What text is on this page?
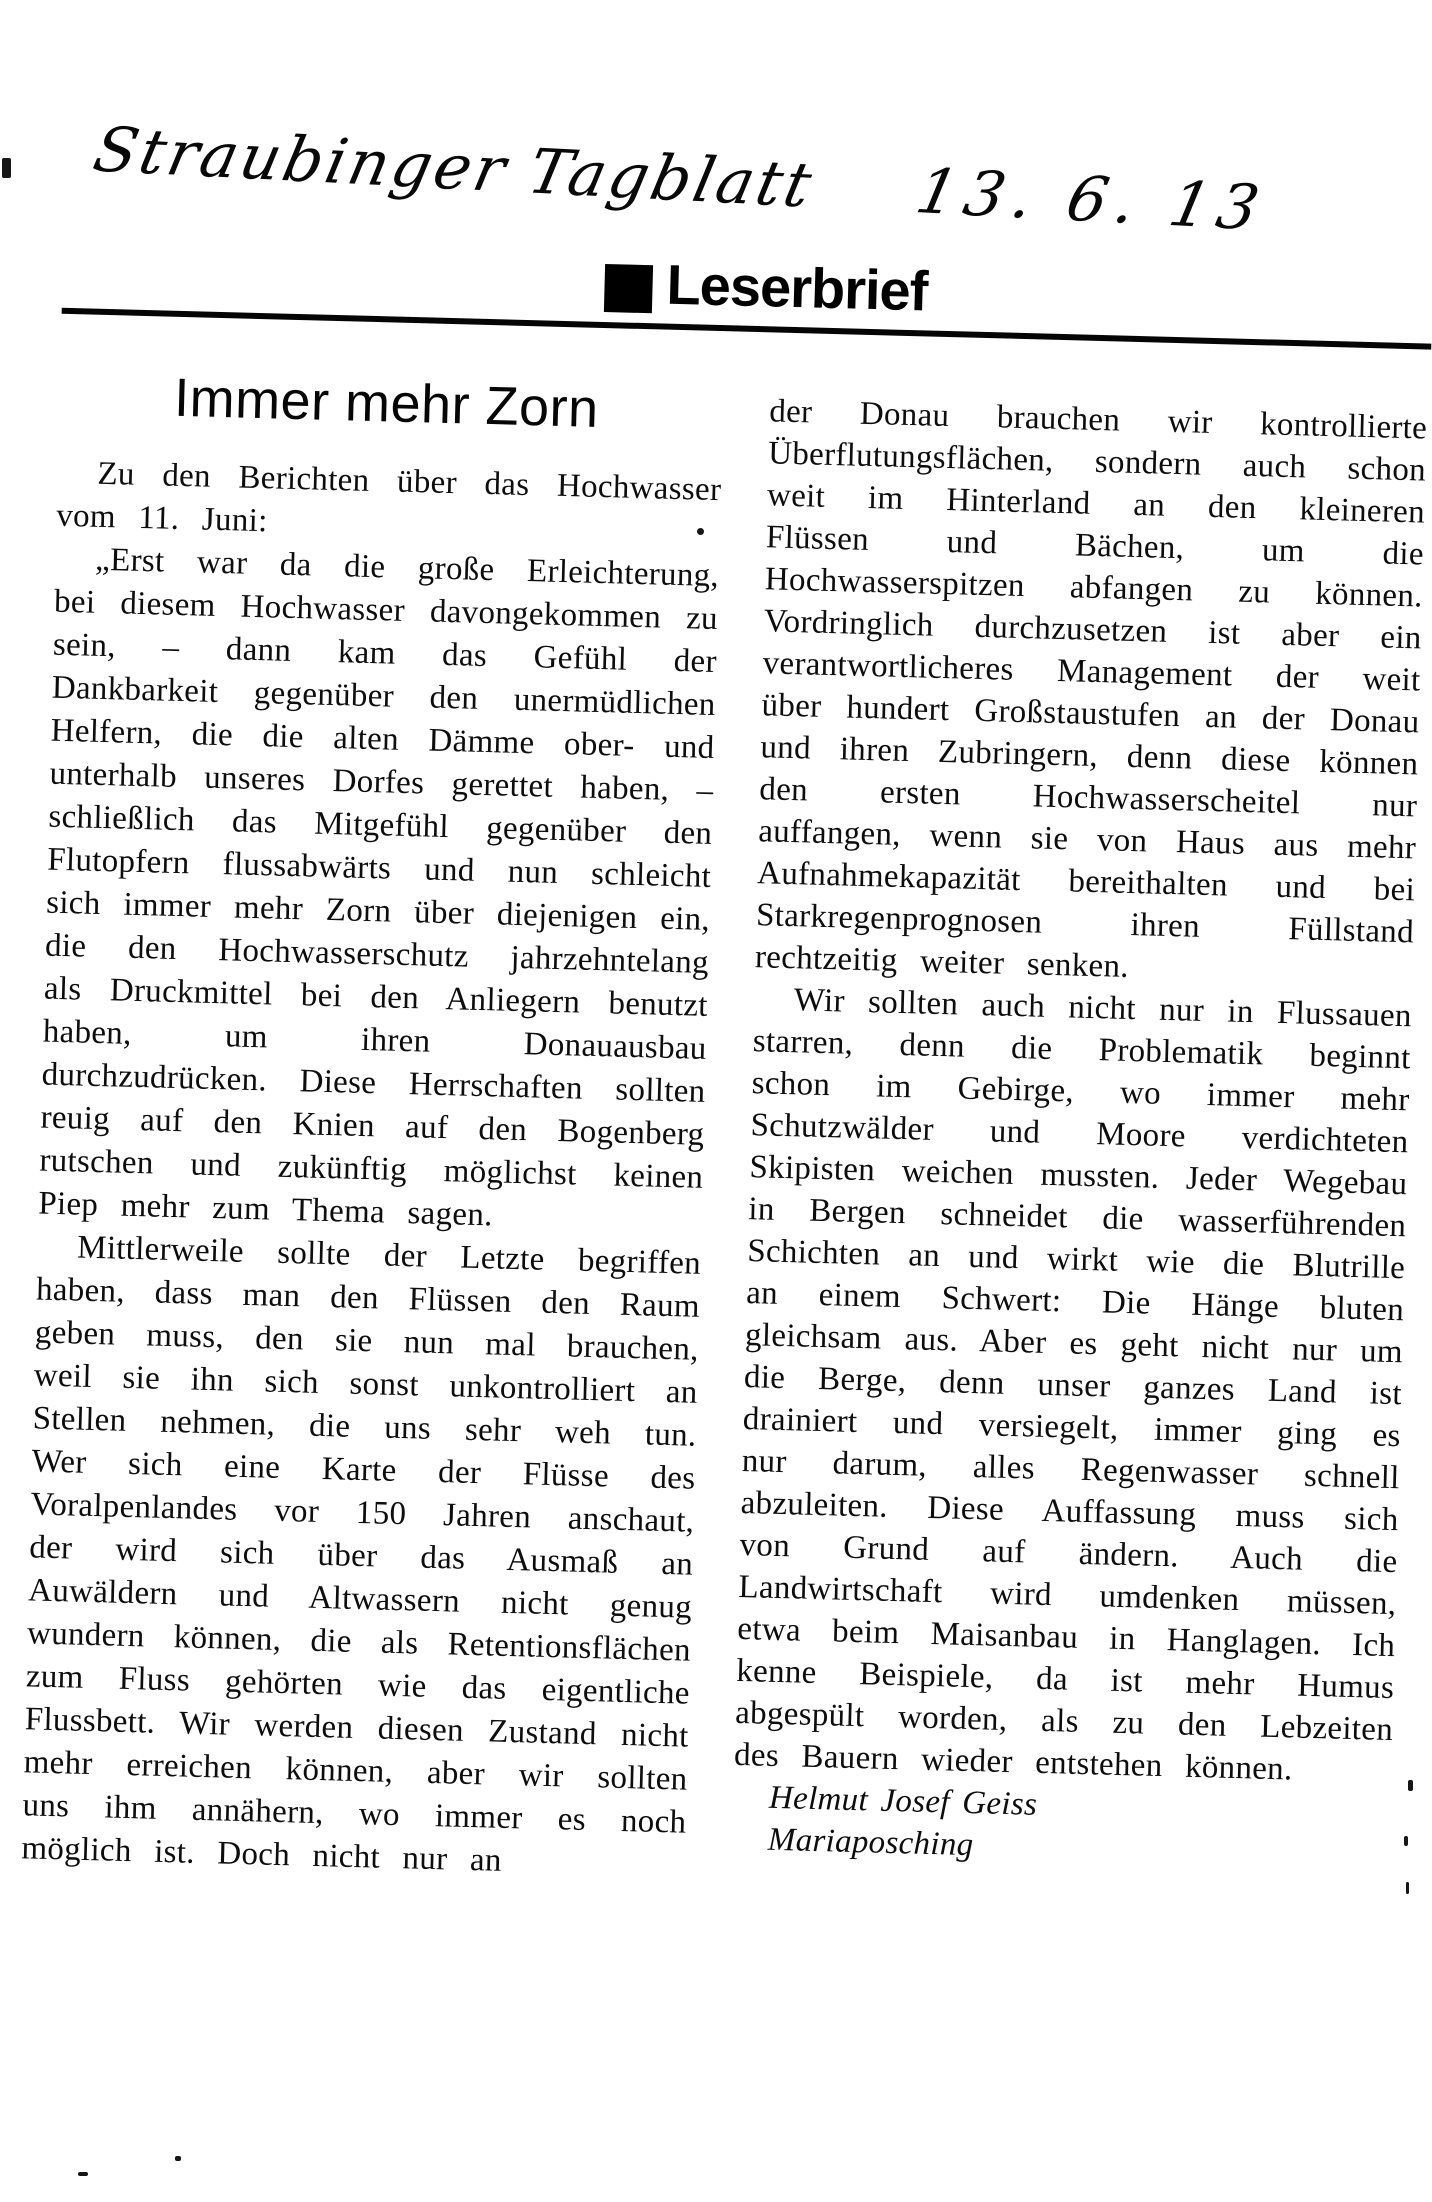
Straubinger Tagblatt 13. 6. 13
Leserbrief
Immer mehr Zorn

Zu den Berichten über das Hochwasser vom 11. Juni:

„Erst war da die große Erleichterung, bei diesem Hochwasser davongekommen zu sein, – dann kam das Gefühl der Dankbarkeit gegenüber den unermüdlichen Helfern, die die alten Dämme ober- und unterhalb unseres Dorfes gerettet haben, – schließlich das Mitgefühl gegenüber den Flutopfern flussabwärts und nun schleicht sich immer mehr Zorn über diejenigen ein, die den Hochwasserschutz jahrzehntelang als Druckmittel bei den Anliegern benutzt haben, um ihren Donauausbau durchzudrücken. Diese Herrschaften sollten reuig auf den Knien auf den Bogenberg rutschen und zukünftig möglichst keinen Piep mehr zum Thema sagen.

Mittlerweile sollte der Letzte begriffen haben, dass man den Flüssen den Raum geben muss, den sie nun mal brauchen, weil sie ihn sich sonst unkontrolliert an Stellen nehmen, die uns sehr weh tun. Wer sich eine Karte der Flüsse des Voralpenlandes vor 150 Jahren anschaut, der wird sich über das Ausmaß an Auwäldern und Altwassern nicht genug wundern können, die als Retentionsflächen zum Fluss gehörten wie das eigentliche Flussbett. Wir werden diesen Zustand nicht mehr erreichen können, aber wir sollten uns ihm annähern, wo immer es noch möglich ist. Doch nicht nur an

der Donau brauchen wir kontrollierte Überflutungsflächen, sondern auch schon weit im Hinterland an den kleineren Flüssen und Bächen, um die Hochwasserspitzen abfangen zu können. Vordringlich durchzusetzen ist aber ein verantwortlicheres Management der weit über hundert Großstaustufen an der Donau und ihren Zubringern, denn diese können den ersten Hochwasserscheitel nur auffangen, wenn sie von Haus aus mehr Aufnahmekapazität bereithalten und bei Starkregenprognosen ihren Füllstand rechtzeitig weiter senken.

Wir sollten auch nicht nur in Flussauen starren, denn die Problematik beginnt schon im Gebirge, wo immer mehr Schutzwälder und Moore verdichteten Skipisten weichen mussten. Jeder Wegebau in Bergen schneidet die wasserführenden Schichten an und wirkt wie die Blutrille an einem Schwert: Die Hänge bluten gleichsam aus. Aber es geht nicht nur um die Berge, denn unser ganzes Land ist drainiert und versiegelt, immer ging es nur darum, alles Regenwasser schnell abzuleiten. Diese Auffassung muss sich von Grund auf ändern. Auch die Landwirtschaft wird umdenken müssen, etwa beim Maisanbau in Hanglagen. Ich kenne Beispiele, da ist mehr Humus abgespült worden, als zu den Lebzeiten des Bauern wieder entstehen können.

Helmut Josef Geiss

Mariaposching
